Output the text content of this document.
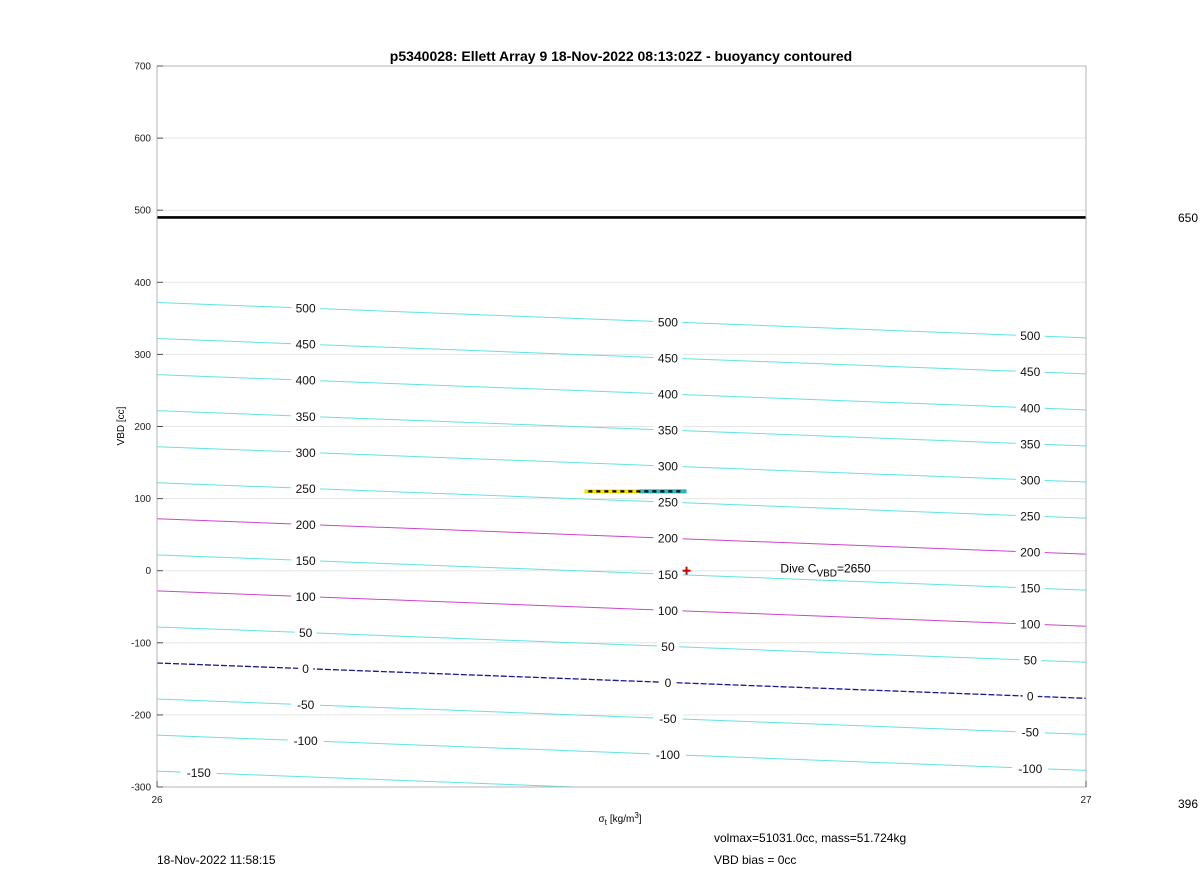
p5340028: Ellett Array 9 18-Nov-2022 08:13:02Z - buoyancy contoured
500
500
500
450
450
450
400
400
400
350
350
350
300
300
300
250
250
250
200
200
200
150
150
150
100
100
100
50
50
50
0
0
0
-50
-50
-50
-100
-100
-100
-150
-300
-200
-100
0
100
200
300
400
500
600
700
26	27
VBD [cc]
$\sigma_t$ $[kg/m^3]$
Dive $C_{VBD}=2650$
650
396
18-Nov-2022 11:58:15
volmax=51031.0cc, mass=51.724kg
VBD bias = 0cc
